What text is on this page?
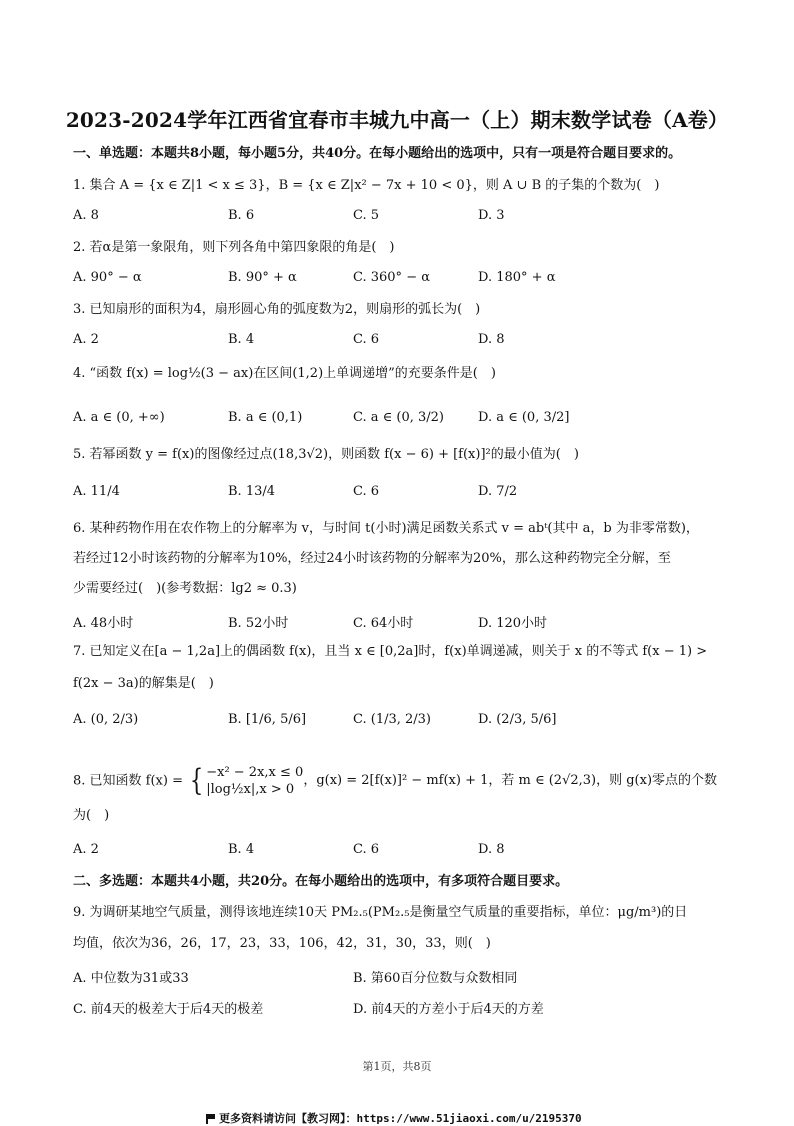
2023-2024学年江西省宜春市丰城九中高一（上）期末数学试卷（A卷）
一、单选题：本题共8小题，每小题5分，共40分。在每小题给出的选项中，只有一项是符合题目要求的。
1. 集合 A = {x ∈ Z|1 < x ≤ 3}，B = {x ∈ Z|x² − 7x + 10 < 0}，则 A ∪ B 的子集的个数为(　)
A. 8	B. 6	C. 5	D. 3
2. 若α是第一象限角，则下列各角中第四象限的角是(　)
A. 90° − α	B. 90° + α	C. 360° − α	D. 180° + α
3. 已知扇形的面积为4，扇形圆心角的弧度数为2，则扇形的弧长为(　)
A. 2	B. 4	C. 6	D. 8
4. “函数 f(x) = log½(3 − ax)在区间(1,2)上单调递增”的充要条件是(　)
A. a ∈ (0, +∞)	B. a ∈ (0,1)	C. a ∈ (0, 3/2)	D. a ∈ (0, 3/2]
5. 若幂函数 y = f(x)的图像经过点(18,3√2)，则函数 f(x − 6) + [f(x)]²的最小值为(　)
A. 11/4	B. 13/4	C. 6	D. 7/2
6. 某种药物作用在农作物上的分解率为 v，与时间 t(小时)满足函数关系式 v = abᵗ(其中 a，b 为非零常数)，
若经过12小时该药物的分解率为10%，经过24小时该药物的分解率为20%，那么这种药物完全分解，至
少需要经过(　)(参考数据：lg2 ≈ 0.3)
A. 48小时	B. 52小时	C. 64小时	D. 120小时
7. 已知定义在[a − 1,2a]上的偶函数 f(x)，且当 x ∈ [0,2a]时，f(x)单调递减，则关于 x 的不等式 f(x − 1) >
f(2x − 3a)的解集是(　)
A. (0, 2/3)	B. [1/6, 5/6]	C. (1/3, 2/3)	D. (2/3, 5/6]
8. 已知函数 f(x) = { −x² − 2x,x ≤ 0
|log½x|,x > 0
，g(x) = 2[f(x)]² − mf(x) + 1，若 m ∈ (2√2,3)，则 g(x)零点的个数
为(　)
A. 2	B. 4	C. 6	D. 8
二、多选题：本题共4小题，共20分。在每小题给出的选项中，有多项符合题目要求。
9. 为调研某地空气质量，测得该地连续10天 PM₂.₅(PM₂.₅是衡量空气质量的重要指标，单位：μg/m³)的日
均值，依次为36，26，17，23，33，106，42，31，30，33，则(　)
A. 中位数为31或33	B. 第60百分位数与众数相同
C. 前4天的极差大于后4天的极差	D. 前4天的方差小于后4天的方差
第1页，共8页
更多资料请访问【教习网】：https://www.51jiaoxi.com/u/2195370
